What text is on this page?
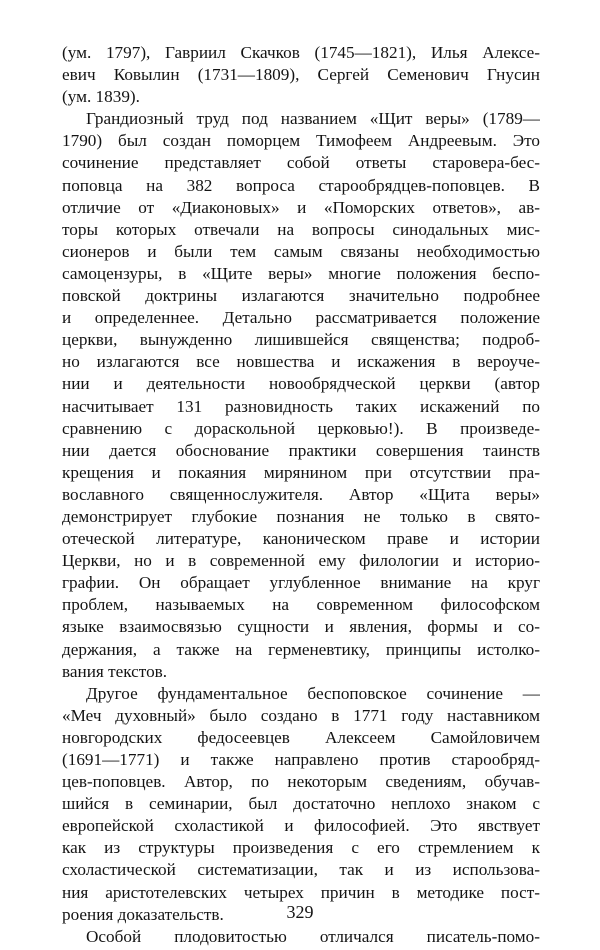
(ум. 1797), Гавриил Скачков (1745—1821), Илья Алексе-
евич Ковылин (1731—1809), Сергей Семенович Гнусин
(ум. 1839).
Грандиозный труд под названием «Щит веры» (1789—
1790) был создан поморцем Тимофеем Андреевым. Это
сочинение представляет собой ответы старовера-бес-
поповца на 382 вопроса старообрядцев-поповцев. В
отличие от «Диаконовых» и «Поморских ответов», ав-
торы которых отвечали на вопросы синодальных мис-
сионеров и были тем самым связаны необходимостью
самоцензуры, в «Щите веры» многие положения беспо-
повской доктрины излагаются значительно подробнее
и определеннее. Детально рассматривается положение
церкви, вынужденно лишившейся священства; подроб-
но излагаются все новшества и искажения в вероуче-
нии и деятельности новообрядческой церкви (автор
насчитывает 131 разновидность таких искажений по
сравнению с дораскольной церковью!). В произведе-
нии дается обоснование практики совершения таинств
крещения и покаяния мирянином при отсутствии пра-
вославного священнослужителя. Автор «Щита веры»
демонстрирует глубокие познания не только в свято-
отеческой литературе, каноническом праве и истории
Церкви, но и в современной ему филологии и историо-
графии. Он обращает углубленное внимание на круг
проблем, называемых на современном философском
языке взаимосвязью сущности и явления, формы и со-
держания, а также на герменевтику, принципы истолко-
вания текстов.
Другое фундаментальное беспоповское сочинение —
«Меч духовный» было создано в 1771 году наставником
новгородских федосеевцев Алексеем Самойловичем
(1691—1771) и также направлено против старообряд-
цев-поповцев. Автор, по некоторым сведениям, обучав-
шийся в семинарии, был достаточно неплохо знаком с
европейской схоластикой и философией. Это явствует
как из структуры произведения с его стремлением к
схоластической систематизации, так и из использова-
ния аристотелевских четырех причин в методике пост-
роения доказательств.
Особой плодовитостью отличался писатель-помо-
329
